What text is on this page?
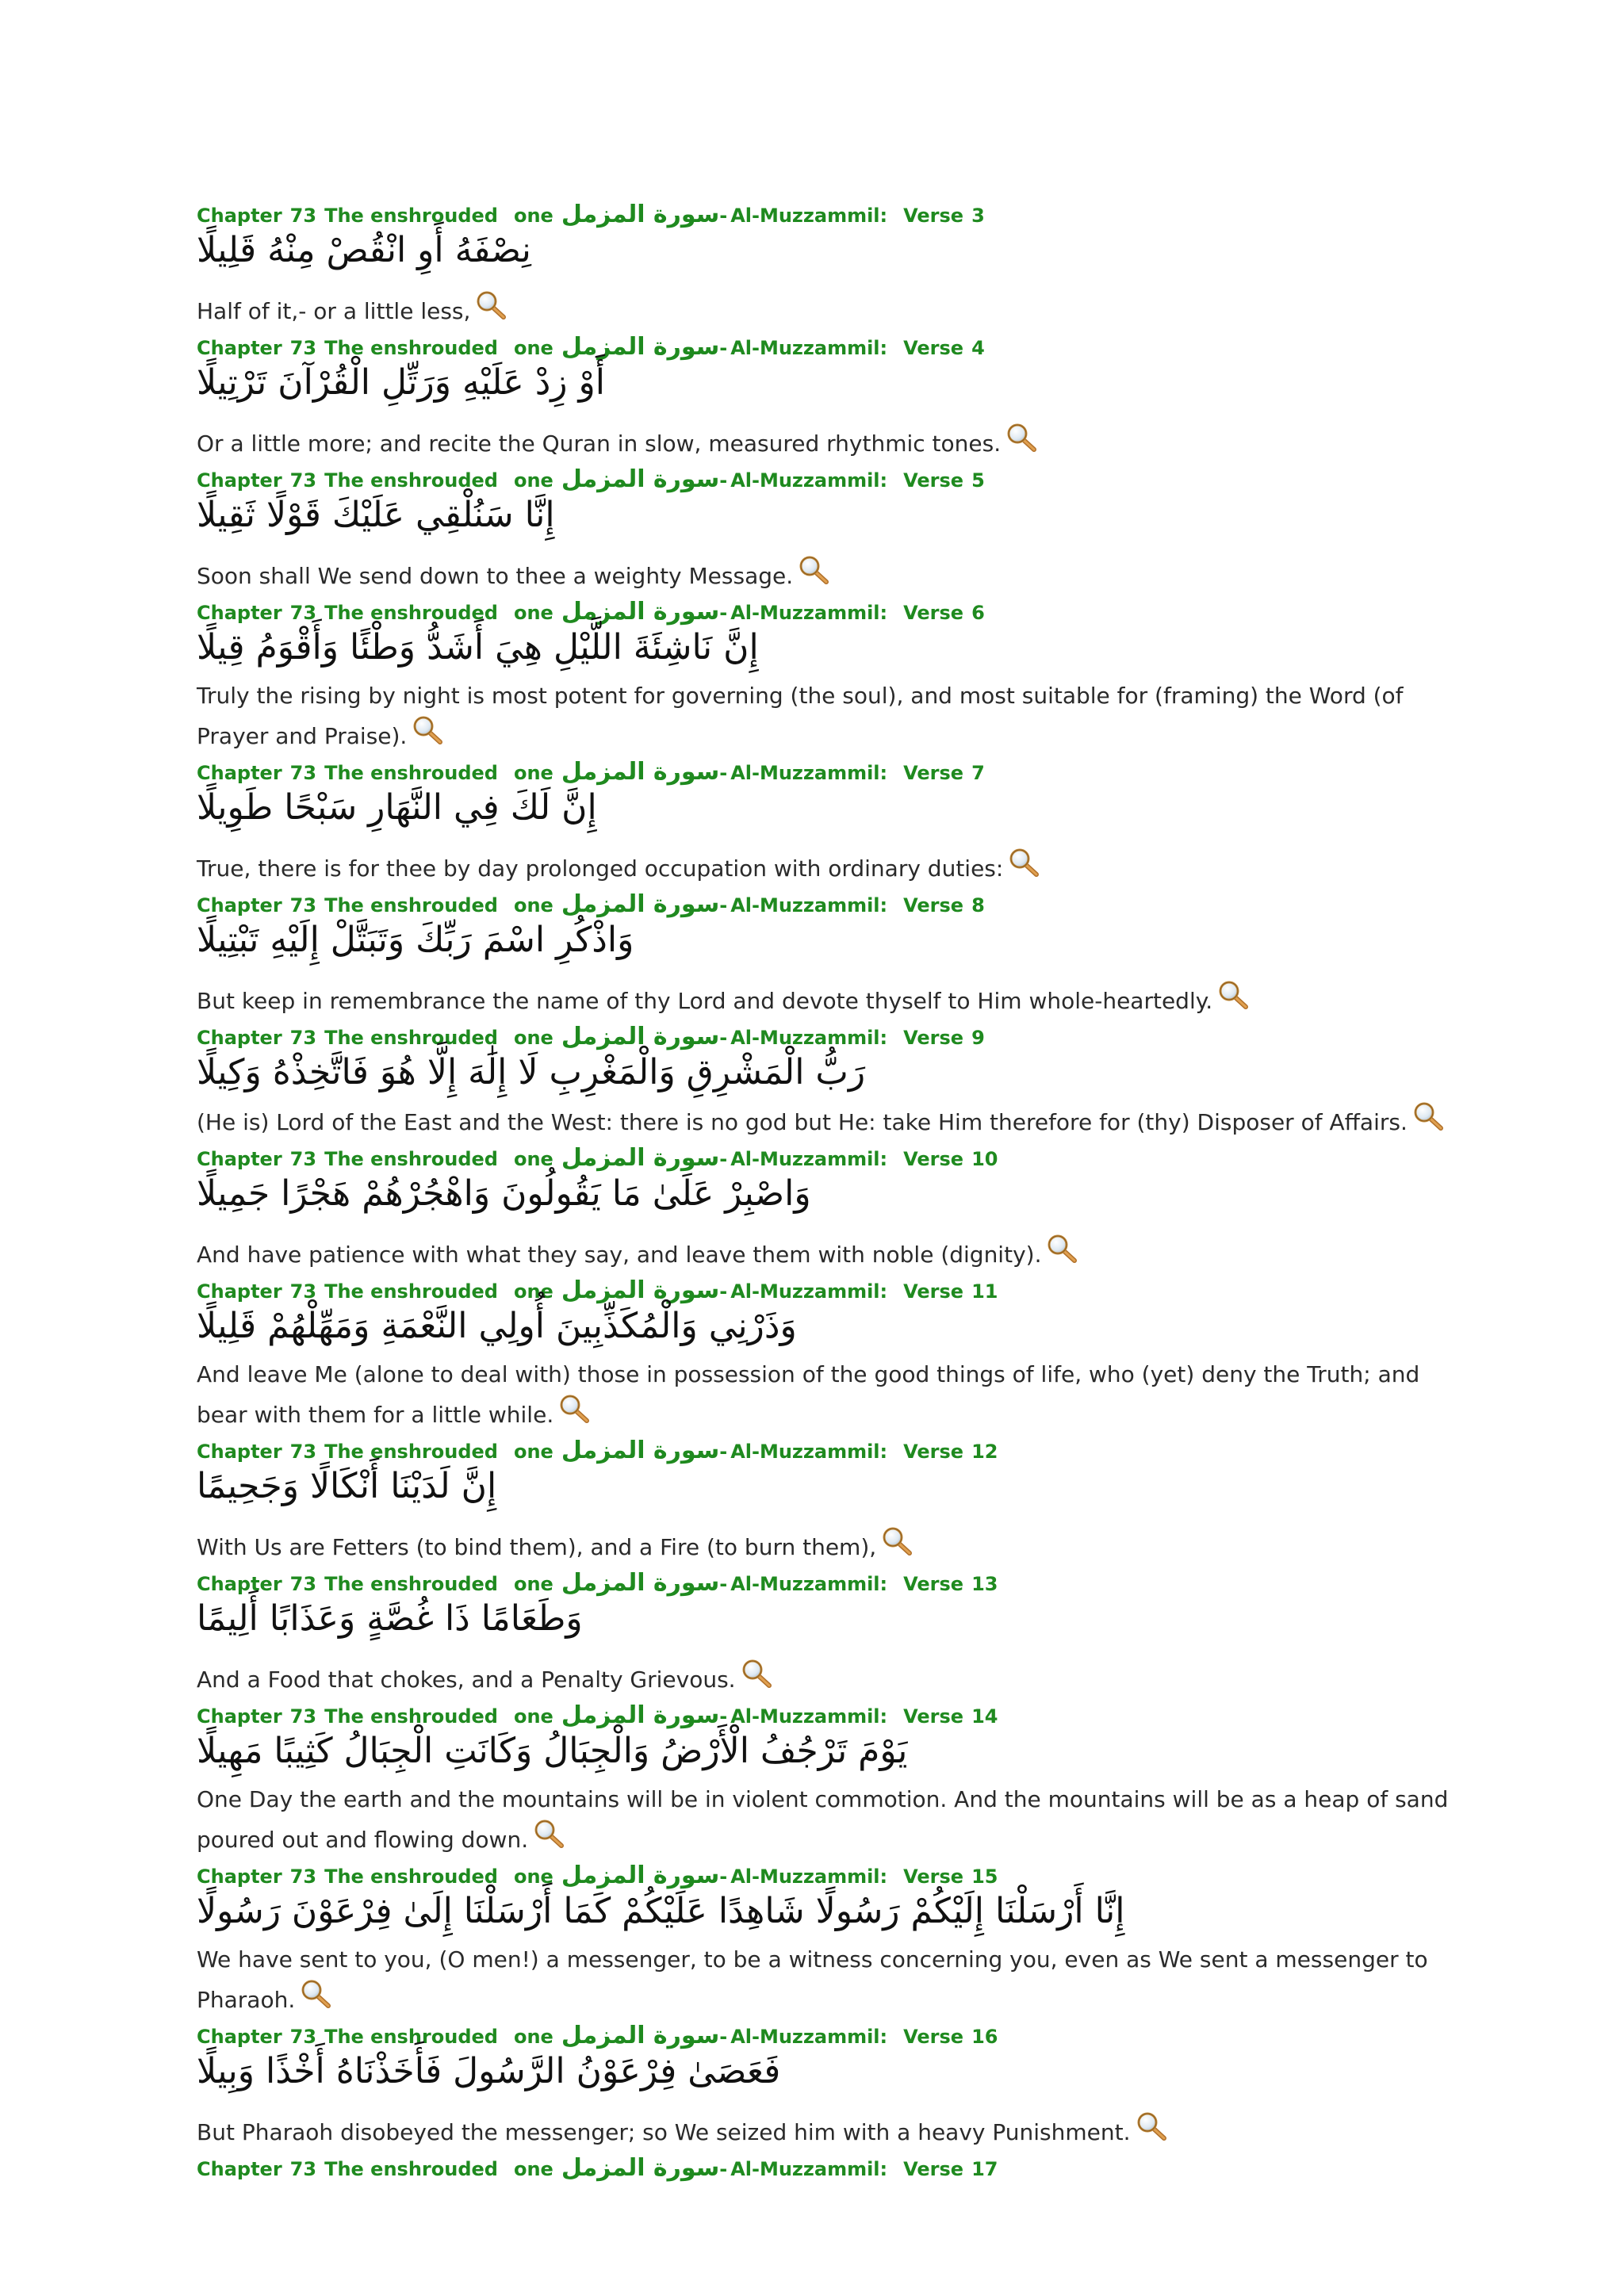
Chapter 73 The enshrouded one سورة المزمل- Al-Muzzammil: Verse 3
نِصْفَهُ أَوِ انْقُصْ مِنْهُ قَلِيلًا
Half of it,- or a little less,
Chapter 73 The enshrouded one سورة المزمل- Al-Muzzammil: Verse 4
أَوْ زِدْ عَلَيْهِ وَرَتِّلِ الْقُرْآنَ تَرْتِيلًا
Or a little more; and recite the Quran in slow, measured rhythmic tones.
Chapter 73 The enshrouded one سورة المزمل- Al-Muzzammil: Verse 5
إِنَّا سَنُلْقِي عَلَيْكَ قَوْلًا ثَقِيلًا
Soon shall We send down to thee a weighty Message.
Chapter 73 The enshrouded one سورة المزمل- Al-Muzzammil: Verse 6
إِنَّ نَاشِئَةَ اللَّيْلِ هِيَ أَشَدُّ وَطْئًا وَأَقْوَمُ قِيلًا
Truly the rising by night is most potent for governing (the soul), and most suitable for (framing) the Word (of Prayer and Praise).
Chapter 73 The enshrouded one سورة المزمل- Al-Muzzammil: Verse 7
إِنَّ لَكَ فِي النَّهَارِ سَبْحًا طَوِيلًا
True, there is for thee by day prolonged occupation with ordinary duties:
Chapter 73 The enshrouded one سورة المزمل- Al-Muzzammil: Verse 8
وَاذْكُرِ اسْمَ رَبِّكَ وَتَبَتَّلْ إِلَيْهِ تَبْتِيلًا
But keep in remembrance the name of thy Lord and devote thyself to Him whole-heartedly.
Chapter 73 The enshrouded one سورة المزمل- Al-Muzzammil: Verse 9
رَبُّ الْمَشْرِقِ وَالْمَغْرِبِ لَا إِلَٰهَ إِلَّا هُوَ فَاتَّخِذْهُ وَكِيلًا
(He is) Lord of the East and the West: there is no god but He: take Him therefore for (thy) Disposer of Affairs.
Chapter 73 The enshrouded one سورة المزمل- Al-Muzzammil: Verse 10
وَاصْبِرْ عَلَىٰ مَا يَقُولُونَ وَاهْجُرْهُمْ هَجْرًا جَمِيلًا
And have patience with what they say, and leave them with noble (dignity).
Chapter 73 The enshrouded one سورة المزمل- Al-Muzzammil: Verse 11
وَذَرْنِي وَالْمُكَذِّبِينَ أُولِي النَّعْمَةِ وَمَهِّلْهُمْ قَلِيلًا
And leave Me (alone to deal with) those in possession of the good things of life, who (yet) deny the Truth; and bear with them for a little while.
Chapter 73 The enshrouded one سورة المزمل- Al-Muzzammil: Verse 12
إِنَّ لَدَيْنَا أَنْكَالًا وَجَحِيمًا
With Us are Fetters (to bind them), and a Fire (to burn them),
Chapter 73 The enshrouded one سورة المزمل- Al-Muzzammil: Verse 13
وَطَعَامًا ذَا غُصَّةٍ وَعَذَابًا أَلِيمًا
And a Food that chokes, and a Penalty Grievous.
Chapter 73 The enshrouded one سورة المزمل- Al-Muzzammil: Verse 14
يَوْمَ تَرْجُفُ الْأَرْضُ وَالْجِبَالُ وَكَانَتِ الْجِبَالُ كَثِيبًا مَهِيلًا
One Day the earth and the mountains will be in violent commotion. And the mountains will be as a heap of sand poured out and flowing down.
Chapter 73 The enshrouded one سورة المزمل- Al-Muzzammil: Verse 15
إِنَّا أَرْسَلْنَا إِلَيْكُمْ رَسُولًا شَاهِدًا عَلَيْكُمْ كَمَا أَرْسَلْنَا إِلَىٰ فِرْعَوْنَ رَسُولًا
We have sent to you, (O men!) a messenger, to be a witness concerning you, even as We sent a messenger to Pharaoh.
Chapter 73 The enshrouded one سورة المزمل- Al-Muzzammil: Verse 16
فَعَصَىٰ فِرْعَوْنُ الرَّسُولَ فَأَخَذْنَاهُ أَخْذًا وَبِيلًا
But Pharaoh disobeyed the messenger; so We seized him with a heavy Punishment.
Chapter 73 The enshrouded one سورة المزمل- Al-Muzzammil: Verse 17
